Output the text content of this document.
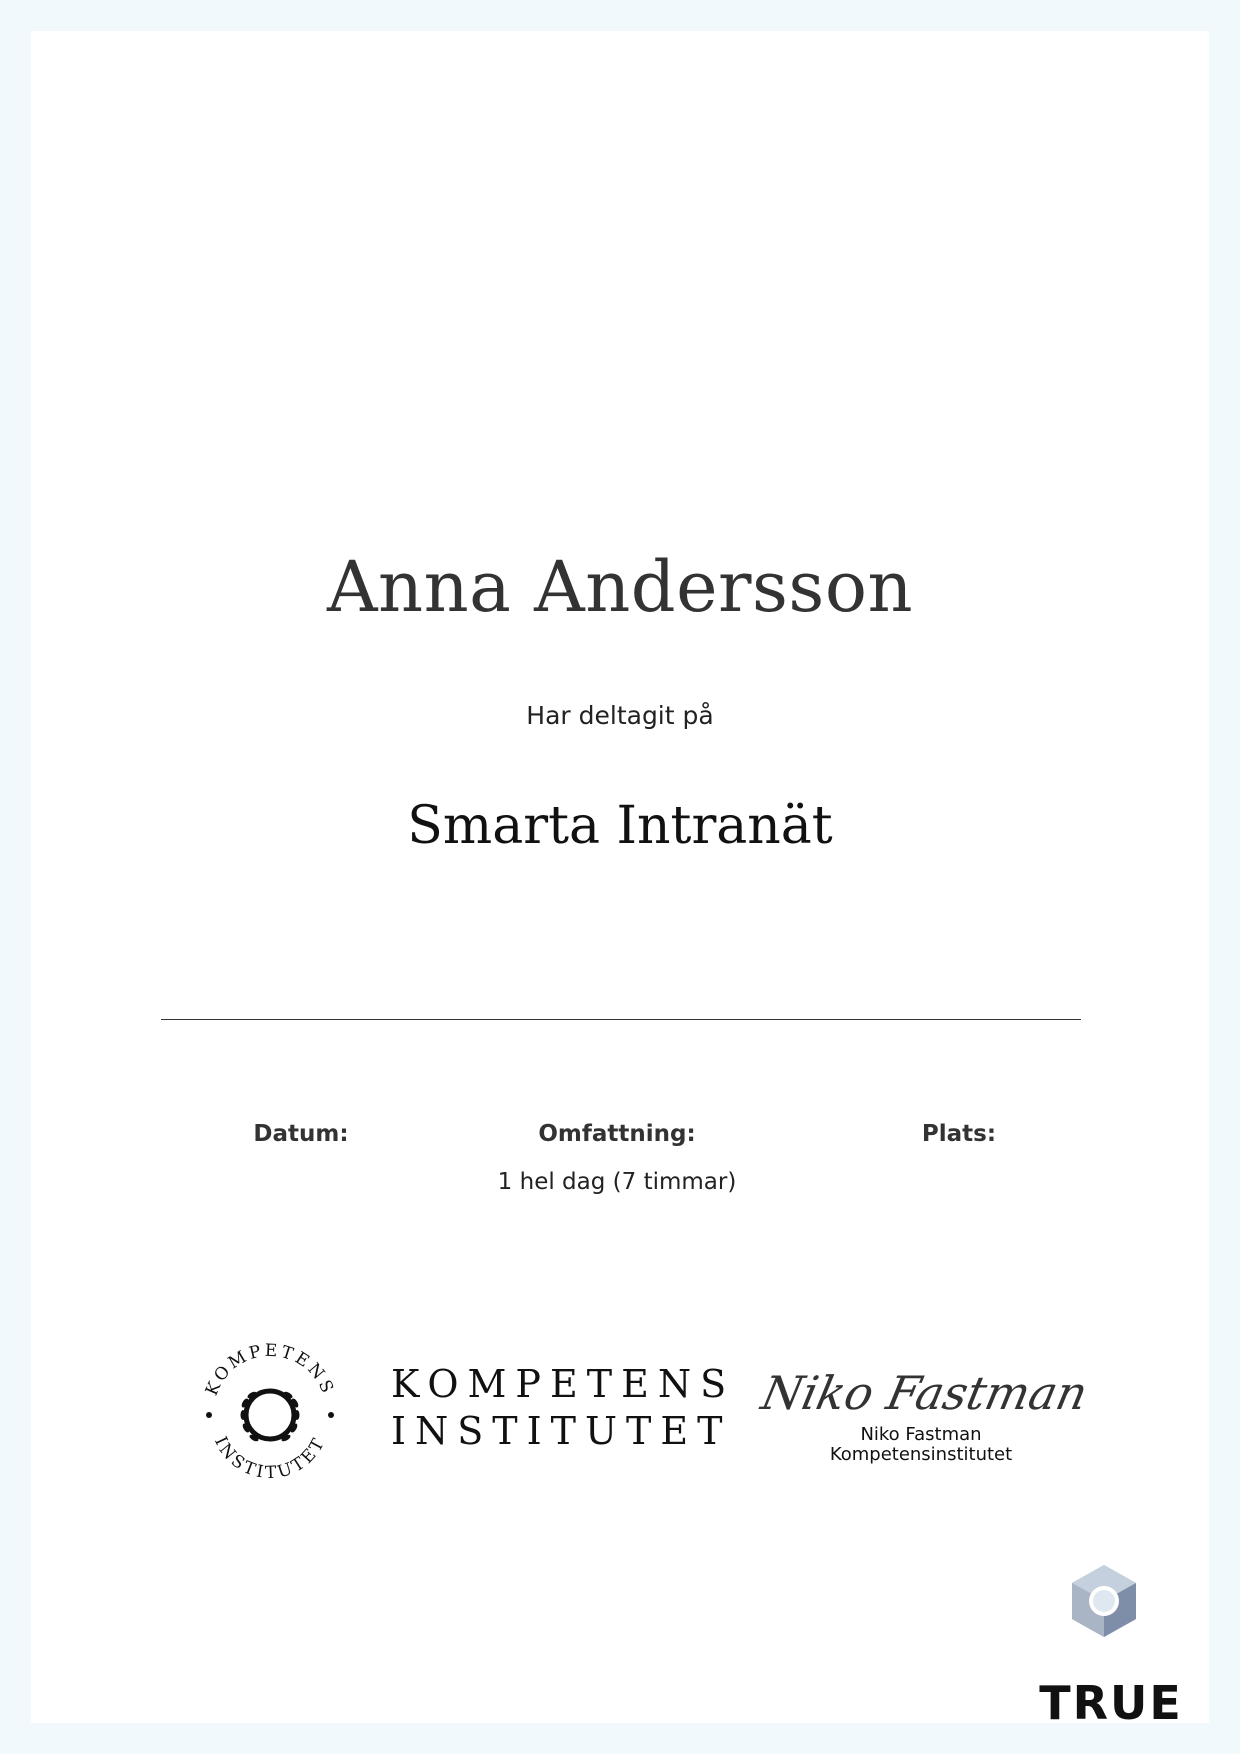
Anna Andersson
Har deltagit på
Smarta Intranät
Datum:	Omfattning:	Plats:
1 hel dag (7 timmar)
KOMPETENS
INSTITUTET
KOMPETENS
INSTITUTET
Niko Fastman
Niko Fastman
Kompetensinstitutet
TRUE
